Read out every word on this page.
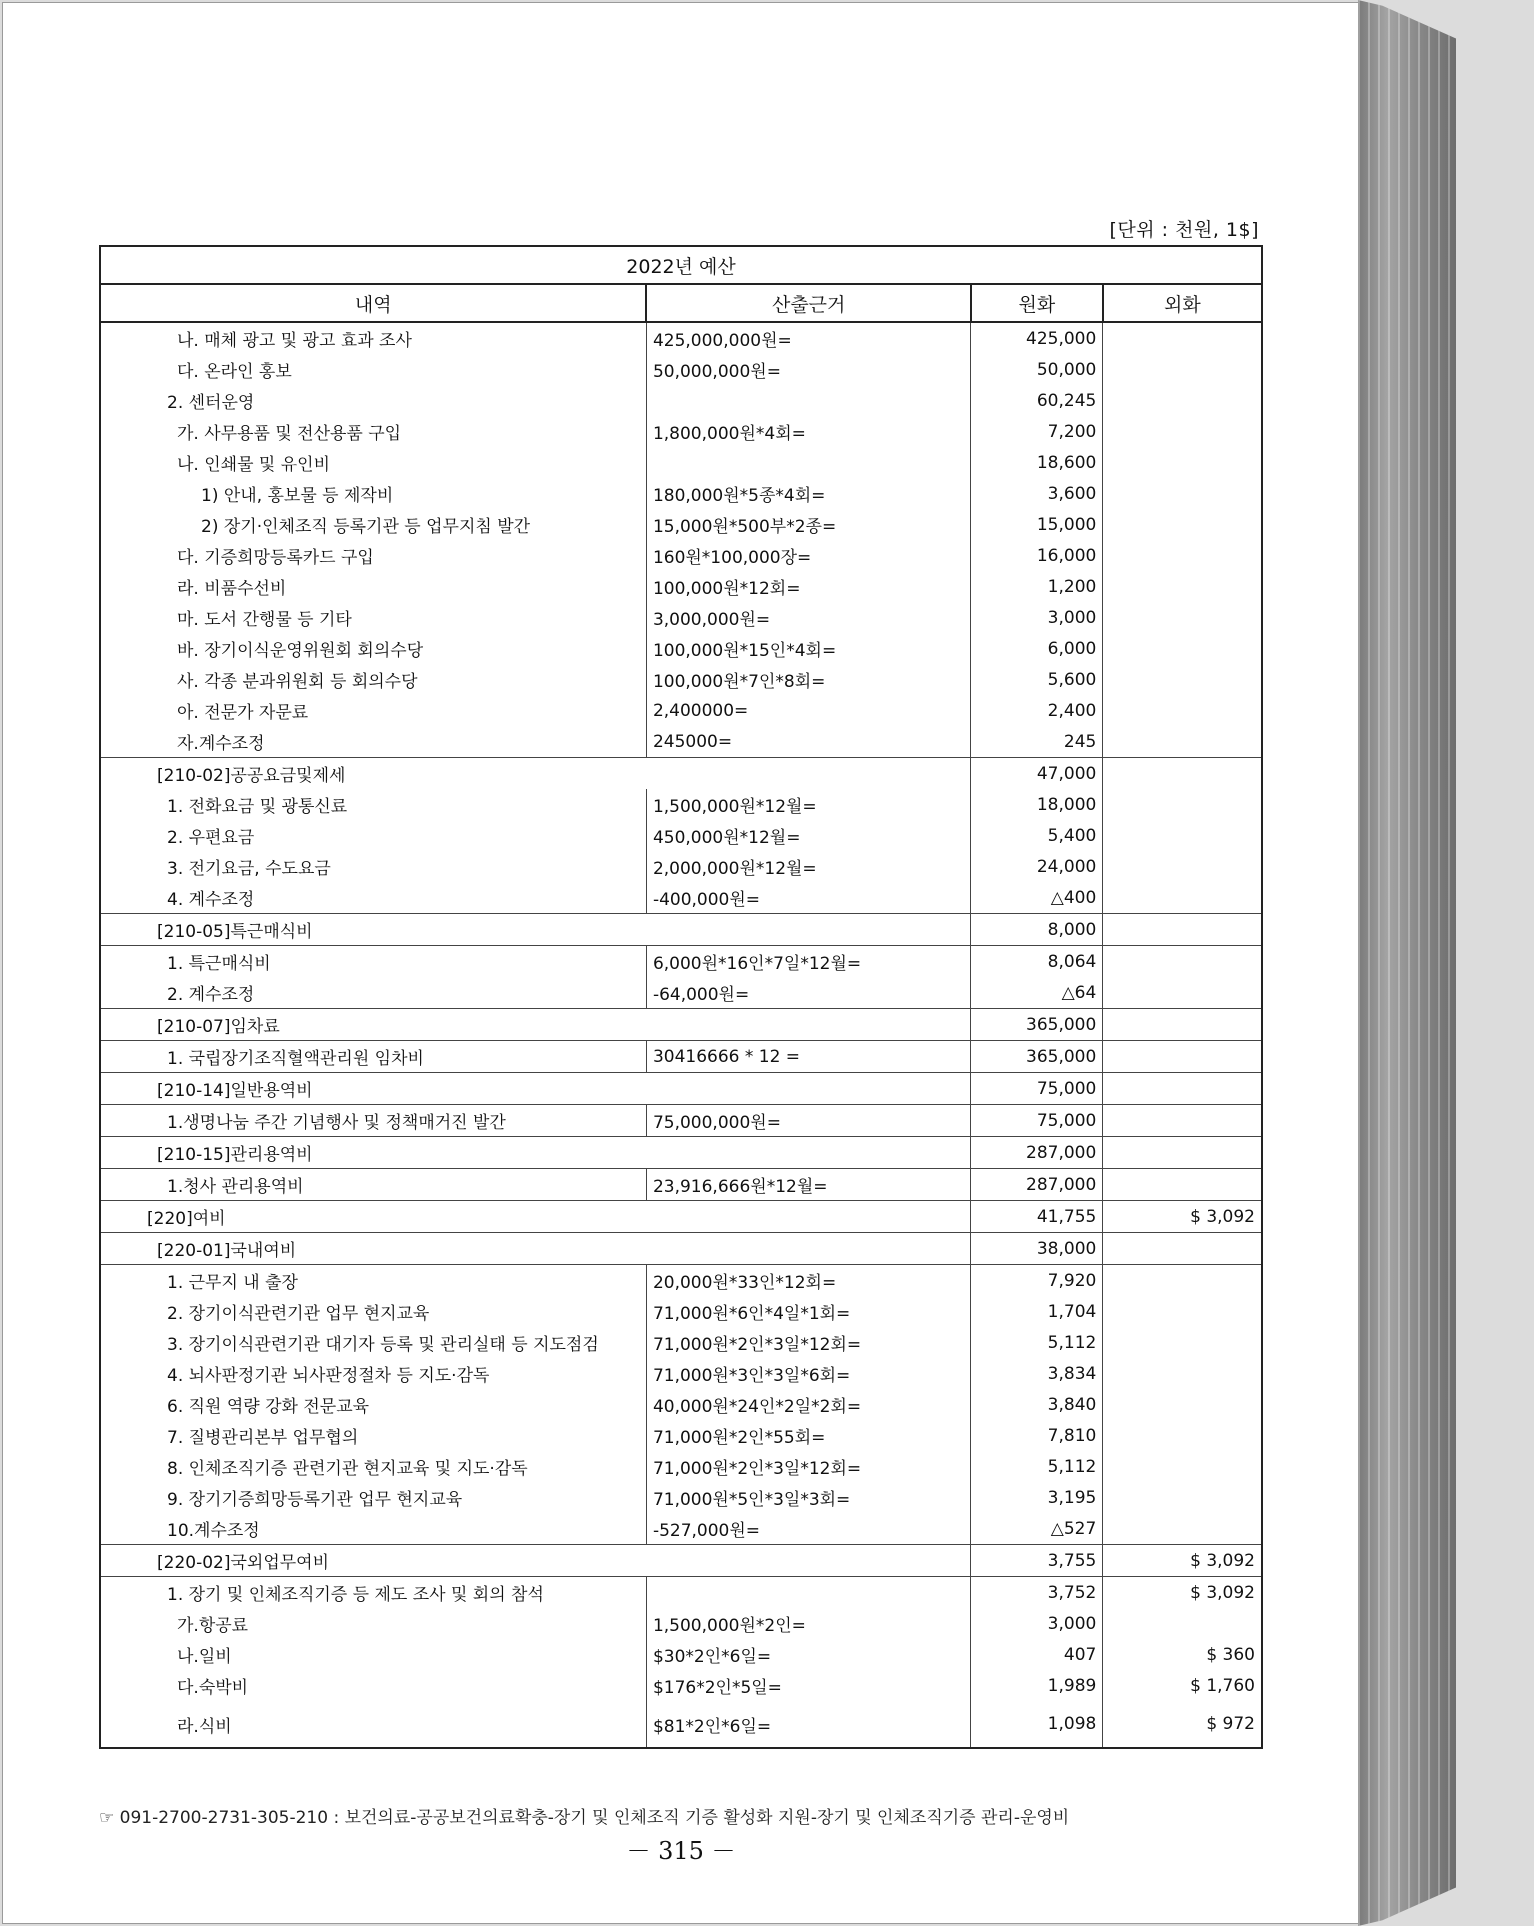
[단위 : 천원, 1$]
2022년 예산			
내역	산출근거	원화	외화
나. 매체 광고 및 광고 효과 조사	425,000,000원=	425,000	
다. 온라인 홍보	50,000,000원=	50,000	
2. 센터운영		60,245	
가. 사무용품 및 전산용품 구입	1,800,000원*4회=	7,200	
나. 인쇄물 및 유인비		18,600	
1) 안내, 홍보물 등 제작비	180,000원*5종*4회=	3,600	
2) 장기·인체조직 등록기관 등 업무지침 발간	15,000원*500부*2종=	15,000	
다. 기증희망등록카드 구입	160원*100,000장=	16,000	
라. 비품수선비	100,000원*12회=	1,200	
마. 도서 간행물 등 기타	3,000,000원=	3,000	
바. 장기이식운영위원회 회의수당	100,000원*15인*4회=	6,000	
사. 각종 분과위원회 등 회의수당	100,000원*7인*8회=	5,600	
아. 전문가 자문료	2,400000=	2,400	
자.계수조정	245000=	245	
[210-02]공공요금및제세		47,000	
1. 전화요금 및 광통신료	1,500,000원*12월=	18,000	
2. 우편요금	450,000원*12월=	5,400	
3. 전기요금, 수도요금	2,000,000원*12월=	24,000	
4. 계수조정	-400,000원=	△400	
[210-05]특근매식비		8,000	
1. 특근매식비	6,000원*16인*7일*12월=	8,064	
2. 계수조정	-64,000원=	△64	
[210-07]임차료		365,000	
1. 국립장기조직혈액관리원 임차비	30416666 * 12 =	365,000	
[210-14]일반용역비		75,000	
1.생명나눔 주간 기념행사 및 정책매거진 발간	75,000,000원=	75,000	
[210-15]관리용역비		287,000	
1.청사 관리용역비	23,916,666원*12월=	287,000	
[220]여비		41,755	$ 3,092
[220-01]국내여비		38,000	
1. 근무지 내 출장	20,000원*33인*12회=	7,920	
2. 장기이식관련기관 업무 현지교육	71,000원*6인*4일*1회=	1,704	
3. 장기이식관련기관 대기자 등록 및 관리실태 등 지도점검	71,000원*2인*3일*12회=	5,112	
4. 뇌사판정기관 뇌사판정절차 등 지도·감독	71,000원*3인*3일*6회=	3,834	
6. 직원 역량 강화 전문교육	40,000원*24인*2일*2회=	3,840	
7. 질병관리본부 업무협의	71,000원*2인*55회=	7,810	
8. 인체조직기증 관련기관 현지교육 및 지도·감독	71,000원*2인*3일*12회=	5,112	
9. 장기기증희망등록기관 업무 현지교육	71,000원*5인*3일*3회=	3,195	
10.계수조정	-527,000원=	△527	
[220-02]국외업무여비		3,755	$ 3,092
1. 장기 및 인체조직기증 등 제도 조사 및 회의 참석		3,752	$ 3,092
가.항공료	1,500,000원*2인=	3,000	
나.일비	$30*2인*6일=	407	$ 360
다.숙박비	$176*2인*5일=	1,989	$ 1,760
라.식비	$81*2인*6일=	1,098	$ 972
☞ 091-2700-2731-305-210 : 보건의료-공공보건의료확충-장기 및 인체조직 기증 활성화 지원-장기 및 인체조직기증 관리-운영비
－ 315 －
